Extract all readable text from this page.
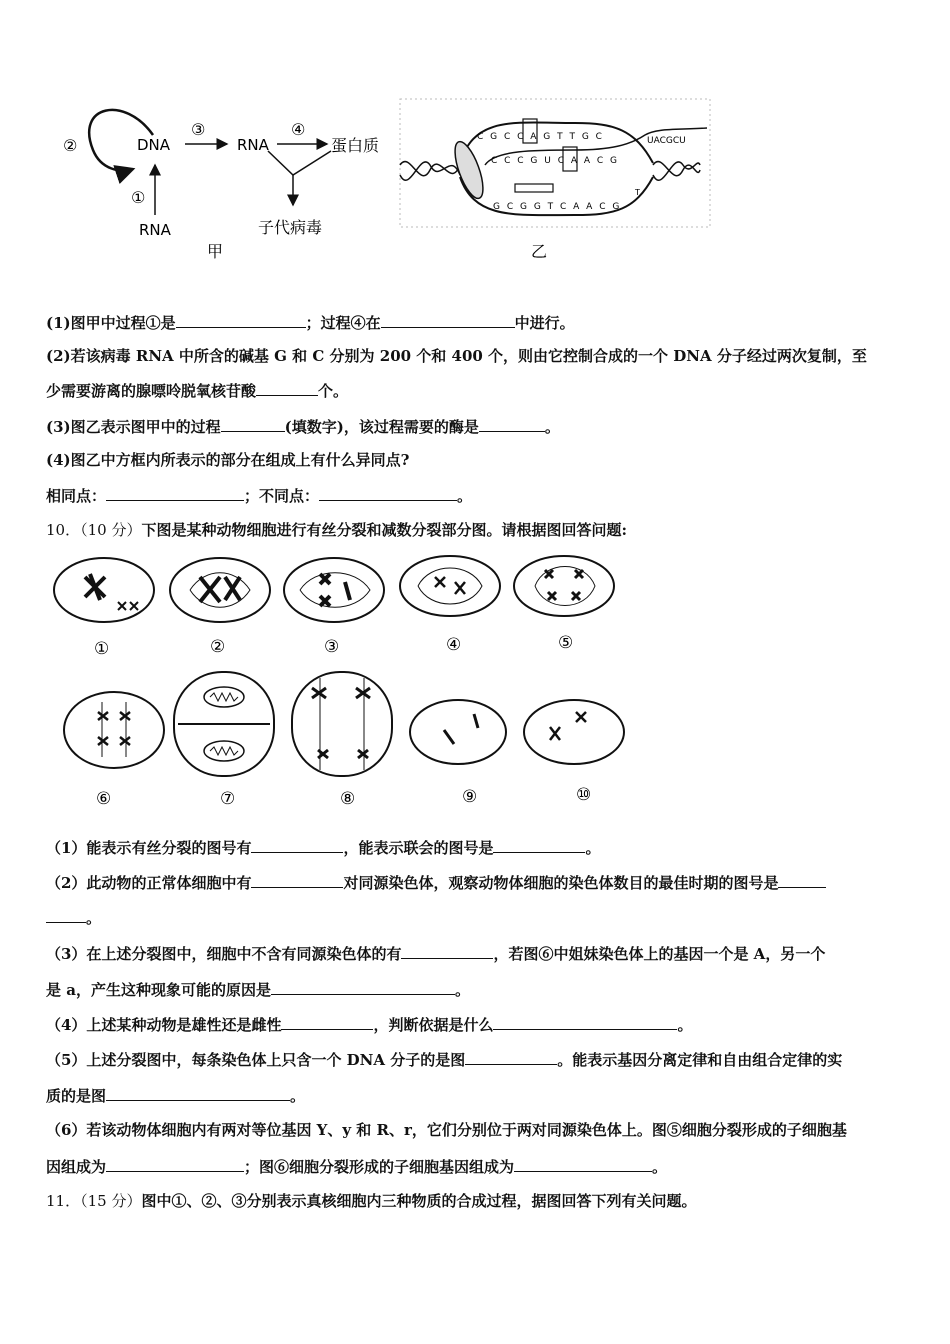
②	DNA
③
RNA
④
蛋白质
子代病毒
①
RNA
甲
C G C C A G T T G C
C C C G U C A A C G
G C G G T C A A C G
UACGCU
T
乙
(1)图甲中过程①是	；过程④在	中进行。
(2)若该病毒 RNA 中所含的碱基 G 和 C 分别为 200 个和 400 个，则由它控制合成的一个 DNA 分子经过两次复制，至
少需要游离的腺嘌呤脱氧核苷酸	个。
(3)图乙表示图甲中的过程	(填数字)，该过程需要的酶是	。
(4)图乙中方框内所表示的部分在组成上有什么异同点?
相同点：	；不同点：	。
10．（10 分）下图是某种动物细胞进行有丝分裂和减数分裂部分图。请根据图回答问题:
①	②	③	④	⑤
⑥	⑦	⑧	⑨	⑩
（1）能表示有丝分裂的图号有	，能表示联会的图号是	。
（2）此动物的正常体细胞中有	对同源染色体，观察动物体细胞的染色体数目的最佳时期的图号是
。
（3）在上述分裂图中，细胞中不含有同源染色体的有	，若图⑥中姐妹染色体上的基因一个是 A，另一个
是 a，产生这种现象可能的原因是	。
（4）上述某种动物是雄性还是雌性	，判断依据是什么	。
（5）上述分裂图中，每条染色体上只含一个 DNA 分子的是图	。能表示基因分离定律和自由组合定律的实
质的是图	。
（6）若该动物体细胞内有两对等位基因 Y、y 和 R、r，它们分别位于两对同源染色体上。图⑤细胞分裂形成的子细胞基
因组成为	；图⑥细胞分裂形成的子细胞基因组成为	。
11．（15 分）图中①、②、③分别表示真核细胞内三种物质的合成过程，据图回答下列有关问题。
